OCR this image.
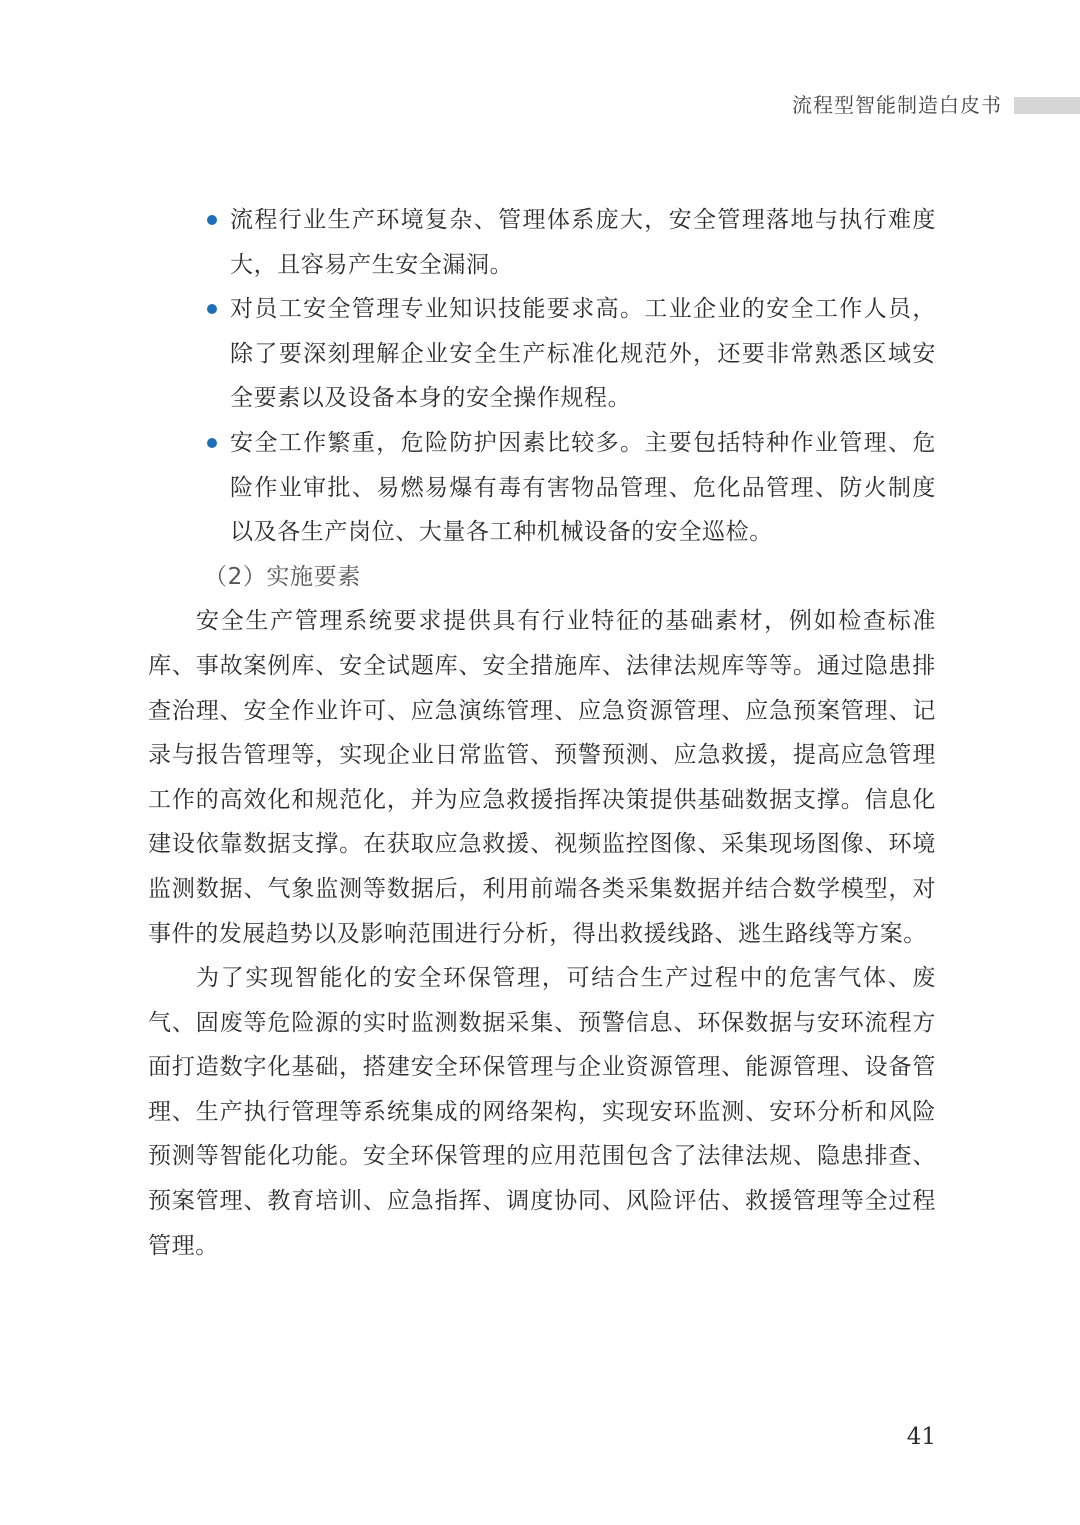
流程型智能制造白皮书

流程行业生产环境复杂、管理体系庞大，安全管理落地与执行难度大，且容易产生安全漏洞。

对员工安全管理专业知识技能要求高。工业企业的安全工作人员，除了要深刻理解企业安全生产标准化规范外，还要非常熟悉区域安全要素以及设备本身的安全操作规程。

安全工作繁重，危险防护因素比较多。主要包括特种作业管理、危险作业审批、易燃易爆有毒有害物品管理、危化品管理、防火制度以及各生产岗位、大量各工种机械设备的安全巡检。

（2）实施要素

安全生产管理系统要求提供具有行业特征的基础素材，例如检查标准库、事故案例库、安全试题库、安全措施库、法律法规库等等。通过隐患排查治理、安全作业许可、应急演练管理、应急资源管理、应急预案管理、记录与报告管理等，实现企业日常监管、预警预测、应急救援，提高应急管理工作的高效化和规范化，并为应急救援指挥决策提供基础数据支撑。信息化建设依靠数据支撑。在获取应急救援、视频监控图像、采集现场图像、环境监测数据、气象监测等数据后，利用前端各类采集数据并结合数学模型，对事件的发展趋势以及影响范围进行分析，得出救援线路、逃生路线等方案。

为了实现智能化的安全环保管理，可结合生产过程中的危害气体、废气、固废等危险源的实时监测数据采集、预警信息、环保数据与安环流程方面打造数字化基础，搭建安全环保管理与企业资源管理、能源管理、设备管理、生产执行管理等系统集成的网络架构，实现安环监测、安环分析和风险预测等智能化功能。安全环保管理的应用范围包含了法律法规、隐患排查、预案管理、教育培训、应急指挥、调度协同、风险评估、救援管理等全过程管理。

41
